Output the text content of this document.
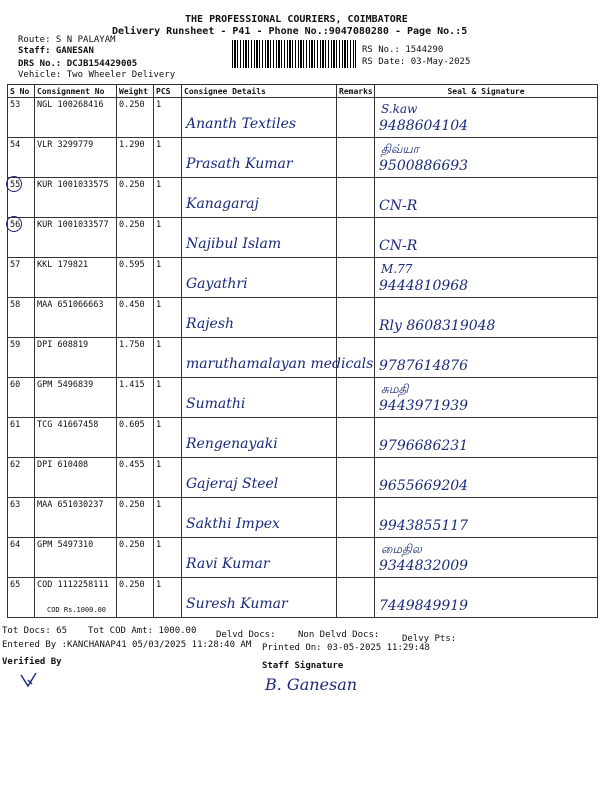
THE PROFESSIONAL COURIERS, COIMBATORE
Delivery Runsheet - P41 - Phone No.:9047080280 - Page No.:5
Route: S N PALAYAM
Staff: GANESAN
DRS No.: DCJB154429005
Vehicle: Two Wheeler Delivery
RS No.: 1544290
RS Date: 03-May-2025
S No	Consignment No	Weight	PCS	Consignee Details	Remarks	Seal & Signature
53	NGL 100268416	0.250	1	Ananth Textiles		S.kaw
9488604104

54	VLR 3299779	1.290	1	Prasath Kumar		திவ்யா
9500886693

55	KUR 1001033575	0.250	1	Kanagaraj		CN-R

56	KUR 1001033577	0.250	1	Najibul Islam		CN-R

57	KKL 179821	0.595	1	Gayathri		M.77
9444810968

58	MAA 651066663	0.450	1	Rajesh		Rly 8608319048

59	DPI 608819	1.750	1	maruthamalayan medicals		9787614876

60	GPM 5496839	1.415	1	Sumathi		சுமதி
9443971939

61	TCG 41667458	0.605	1	Rengenayaki		9796686231

62	DPI 610408	0.455	1	Gajeraj Steel		9655669204

63	MAA 651030237	0.250	1	Sakthi Impex		9943855117

64	GPM 5497310	0.250	1	Ravi Kumar		மைதில
9344832009

65	COD 1112258111
COD Rs.1000.00	0.250	1	Suresh Kumar		7449849919
Tot Docs: 65 Tot COD Amt: 1000.00 Delvd Docs: Non Delvd Docs:	Delvy Pts:
Entered By :KANCHANAP41 05/03/2025 11:28:40 AM Printed On: 03-05-2025 11:29:48
Verified By	Staff Signature
B. Ganesan
